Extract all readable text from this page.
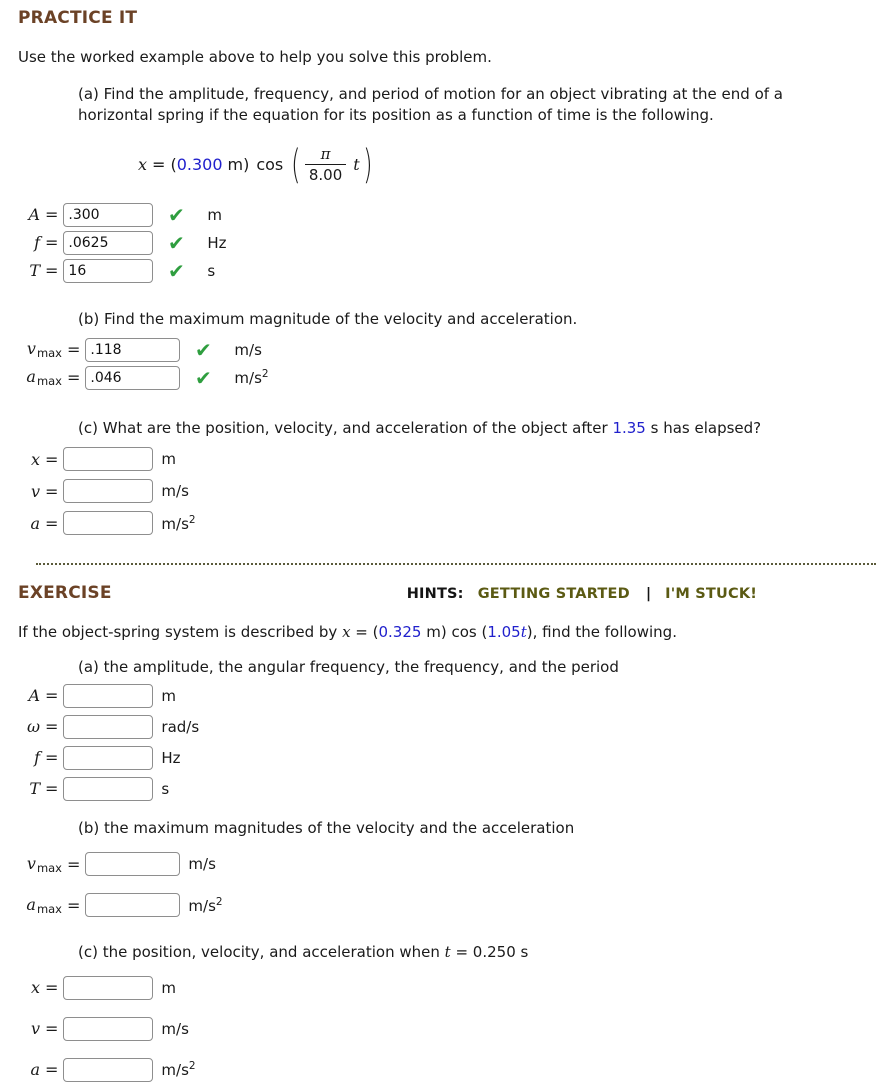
PRACTICE IT
Use the worked example above to help you solve this problem.
(a) Find the amplitude, frequency, and period of motion for an object vibrating at the end of a horizontal spring if the equation for its position as a function of time is the following.
x = ( 0.300 m ) cos ( $\frac{\pi}{8.00}$ t )
A =
.300	✔	m
f =
.0625	✔	Hz
T =
16	✔	s
(b) Find the maximum magnitude of the velocity and acceleration.
$v_{max}$ =
.118	✔	m/s
$a_{max}$ =
.046	✔	$m/s^2$
(c) What are the position, velocity, and acceleration of the object after 1.35 s has elapsed?
x =	m
v =	m/s
a =	$m/s^2$
EXERCISE	HINTS: GETTING STARTED | I'M STUCK!
If the object-spring system is described by x = (0.325 m) cos (1.05t), find the following.
(a) the amplitude, the angular frequency, the frequency, and the period
A =	m
ω =	rad/s
f =	Hz
T =	s
(b) the maximum magnitudes of the velocity and the acceleration
$v_{max}$ =	m/s
$a_{max}$ =	$m/s^2$
(c) the position, velocity, and acceleration when t = 0.250 s
x =	m
v =	m/s
a =	$m/s^2$
